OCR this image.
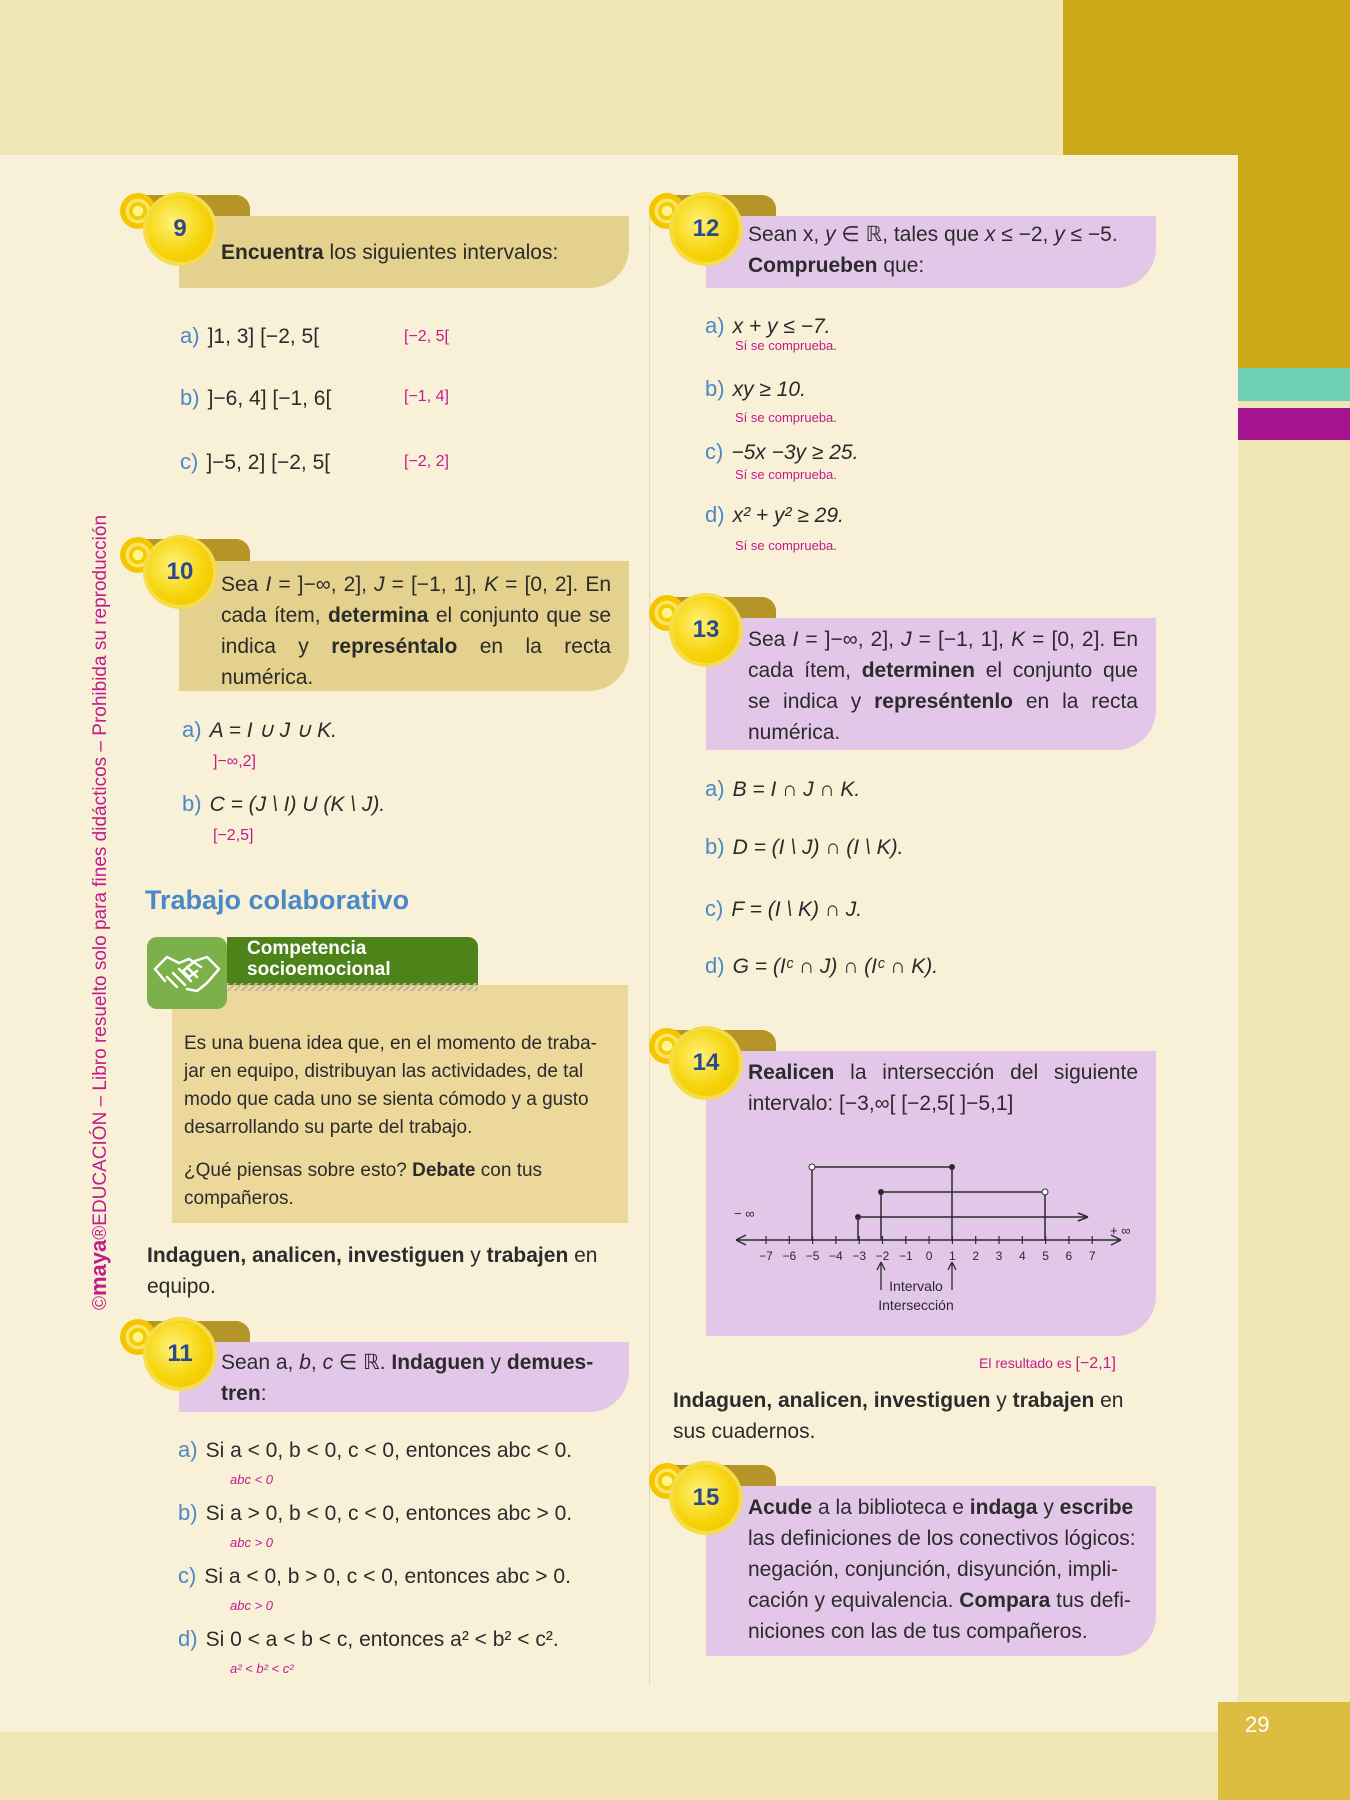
29
©maya®EDUCACIÓN – Libro resuelto solo para fines didácticos – Prohibida su reproducción
Encuentra los siguientes intervalos:
9
a) ]1, 3] [−2, 5[	[−2, 5[
b) ]−6, 4] [−1, 6[	[−1, 4]
c) ]−5, 2] [−2, 5[	[−2, 2]
Sea I = ]−∞, 2], J = [−1, 1], K = [0, 2]. En cada ítem, determina el conjunto que se indica y represéntalo en la recta numérica.
10
a) A = I ∪ J ∪ K.
]−∞,2]
b) C = (J \ I) U (K \ J).
[−2,5]
Trabajo colaborativo
Competencia
socioemocional
Es una buena idea que, en el momento de traba-jar en equipo, distribuyan las actividades, de tal modo que cada uno se sienta cómodo y a gusto desarrollando su parte del trabajo.
¿Qué piensas sobre esto? Debate con tus compañeros.
Indaguen, analicen, investiguen y trabajen en equipo.
Sean a, b, c ∈ ℝ. Indaguen y demues-tren:
11
a) Si a < 0, b < 0, c < 0, entonces abc < 0.
abc < 0
b) Si a > 0, b < 0, c < 0, entonces abc > 0.
abc > 0
c) Si a < 0, b > 0, c < 0, entonces abc > 0.
abc > 0
d) Si 0 < a < b < c, entonces a² < b² < c².
a² < b² < c²
Sean x, y ∈ ℝ, tales que x ≤ −2, y ≤ −5.
Comprueben que:
12
a) x + y ≤ −7.
Sí se comprueba.
b) xy ≥ 10.
Sí se comprueba.
c) −5x −3y ≥ 25.
Sí se comprueba.
d) x² + y² ≥ 29.
Sí se comprueba.
Sea I = ]−∞, 2], J = [−1, 1], K = [0, 2]. En cada ítem, determinen el conjunto que se indica y represéntenlo en la recta numérica.
13
a) B = I ∩ J ∩ K.
b) D = (I \ J) ∩ (I \ K).
c) F = (I \ K) ∩ J.
d) G = (Iᶜ ∩ J) ∩ (Iᶜ ∩ K).
Realicen la intersección del siguiente intervalo: [−3,∞[ [−2,5[ ]−5,1]
14
−7 −6 −5 −4 −3 −2 −1 0 1 2 3 4 5 6 7
− ∞
+ ∞
Intervalo
Intersección
El resultado es [−2,1]
Indaguen, analicen, investiguen y trabajen en sus cuadernos.
Acude a la biblioteca e indaga y escribe las definiciones de los conectivos lógicos: negación, conjunción, disyunción, impli-cación y equivalencia. Compara tus defi-niciones con las de tus compañeros.
15
